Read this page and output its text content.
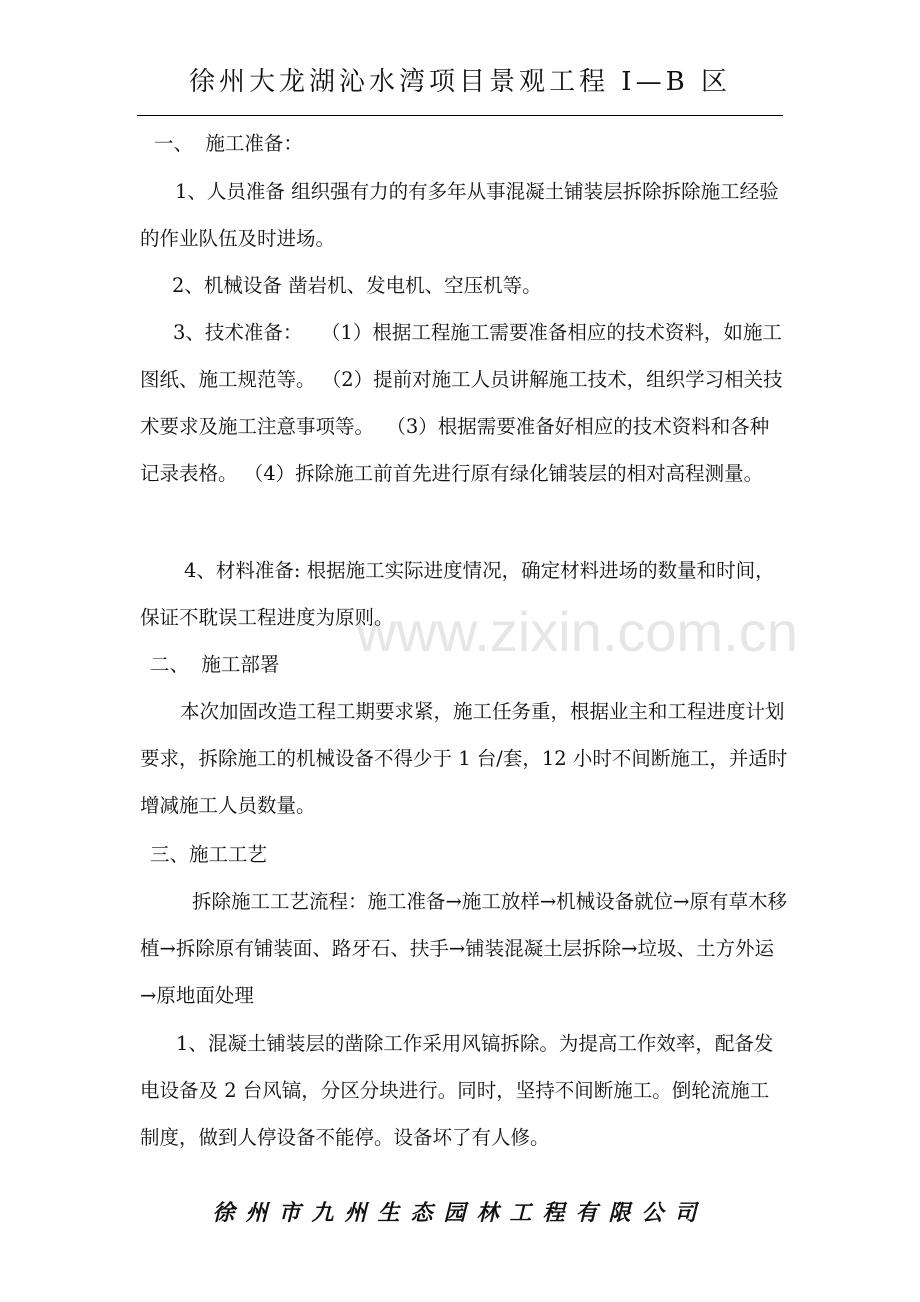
www.zixin.com.cn
徐州大龙湖沁水湾项目景观工程 I—B 区

一、  施工准备：

1、人员准备 组织强有力的有多年从事混凝土铺装层拆除拆除施工经验的作业队伍及时进场。

2、机械设备 凿岩机、发电机、空压机等。

3、技术准备：   （1）根据工程施工需要准备相应的技术资料，如施工图纸、施工规范等。 （2）提前对施工人员讲解施工技术，组织学习相关技术要求及施工注意事项等。  （3）根据需要准备好相应的技术资料和各种记录表格。 （4）拆除施工前首先进行原有绿化铺装层的相对高程测量。

4、材料准备: 根据施工实际进度情况，确定材料进场的数量和时间，保证不耽误工程进度为原则。

二、  施工部署

本次加固改造工程工期要求紧，施工任务重，根据业主和工程进度计划要求，拆除施工的机械设备不得少于 1 台/套，12 小时不间断施工，并适时增减施工人员数量。

三、施工工艺

拆除施工工艺流程：施工准备→施工放样→机械设备就位→原有草木移植→拆除原有铺装面、路牙石、扶手→铺装混凝土层拆除→垃圾、土方外运→原地面处理

1、混凝土铺装层的凿除工作采用风镐拆除。为提高工作效率，配备发电设备及 2 台风镐，分区分块进行。同时，坚持不间断施工。倒轮流施工制度，做到人停设备不能停。设备坏了有人修。

徐州市九州生态园林工程有限公司
